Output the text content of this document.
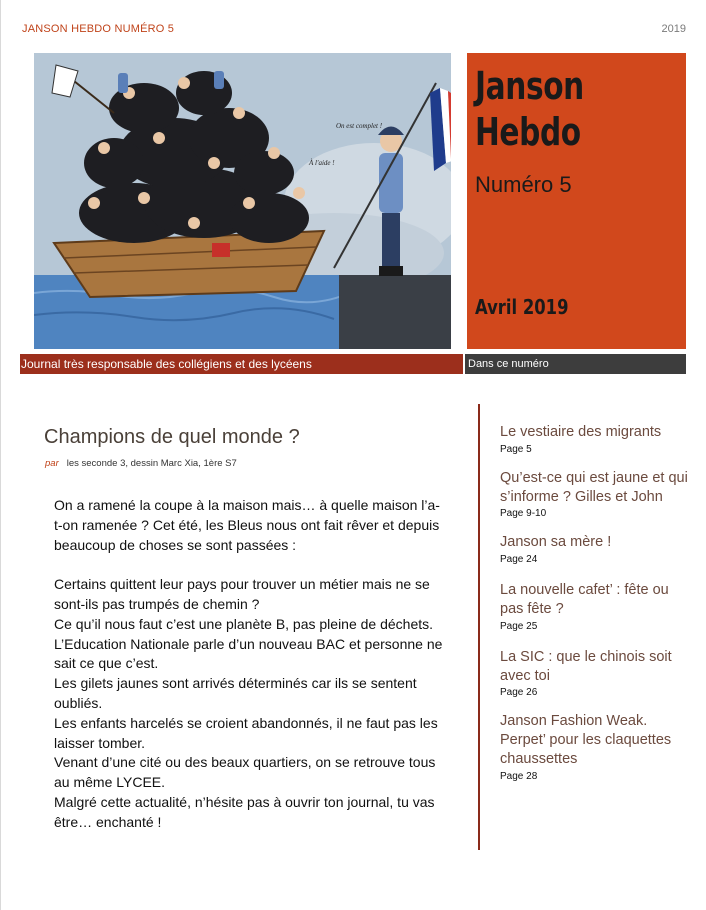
JANSON HEBDO NUMÉRO 5	2019
On est complet !
À l'aide !
Janson Hebdo
Numéro 5
Avril 2019
Journal très responsable des collégiens et des lycéens	Dans ce numéro
Champions de quel monde ?
par les seconde 3, dessin Marc Xia, 1ère S7

On a ramené la coupe à la maison mais… à quelle maison l’a-t-on ramenée ? Cet été, les Bleus nous ont fait rêver et depuis beaucoup de choses se sont passées :

Certains quittent leur pays pour trouver un métier mais ne se sont-ils pas trumpés de chemin ?
Ce qu’il nous faut c’est une planète B, pas pleine de déchets.
L’Education Nationale parle d’un nouveau BAC et personne ne sait ce que c’est.
Les gilets jaunes sont arrivés déterminés car ils se sentent oubliés.
Les enfants harcelés se croient abandonnés, il ne faut pas les laisser tomber.
Venant d’une cité ou des beaux quartiers, on se retrouve tous au même LYCEE.
Malgré cette actualité, n’hésite pas à ouvrir ton journal, tu vas être… enchanté !

Le vestiaire des migrants
Page 5
Qu’est-ce qui est jaune et qui s’informe ? Gilles et John
Page 9-10
Janson sa mère !
Page 24
La nouvelle cafet’ : fête ou pas fête ?
Page 25
La SIC : que le chinois soit avec toi
Page 26
Janson Fashion Weak. Perpet’ pour les claquettes chaussettes
Page 28
